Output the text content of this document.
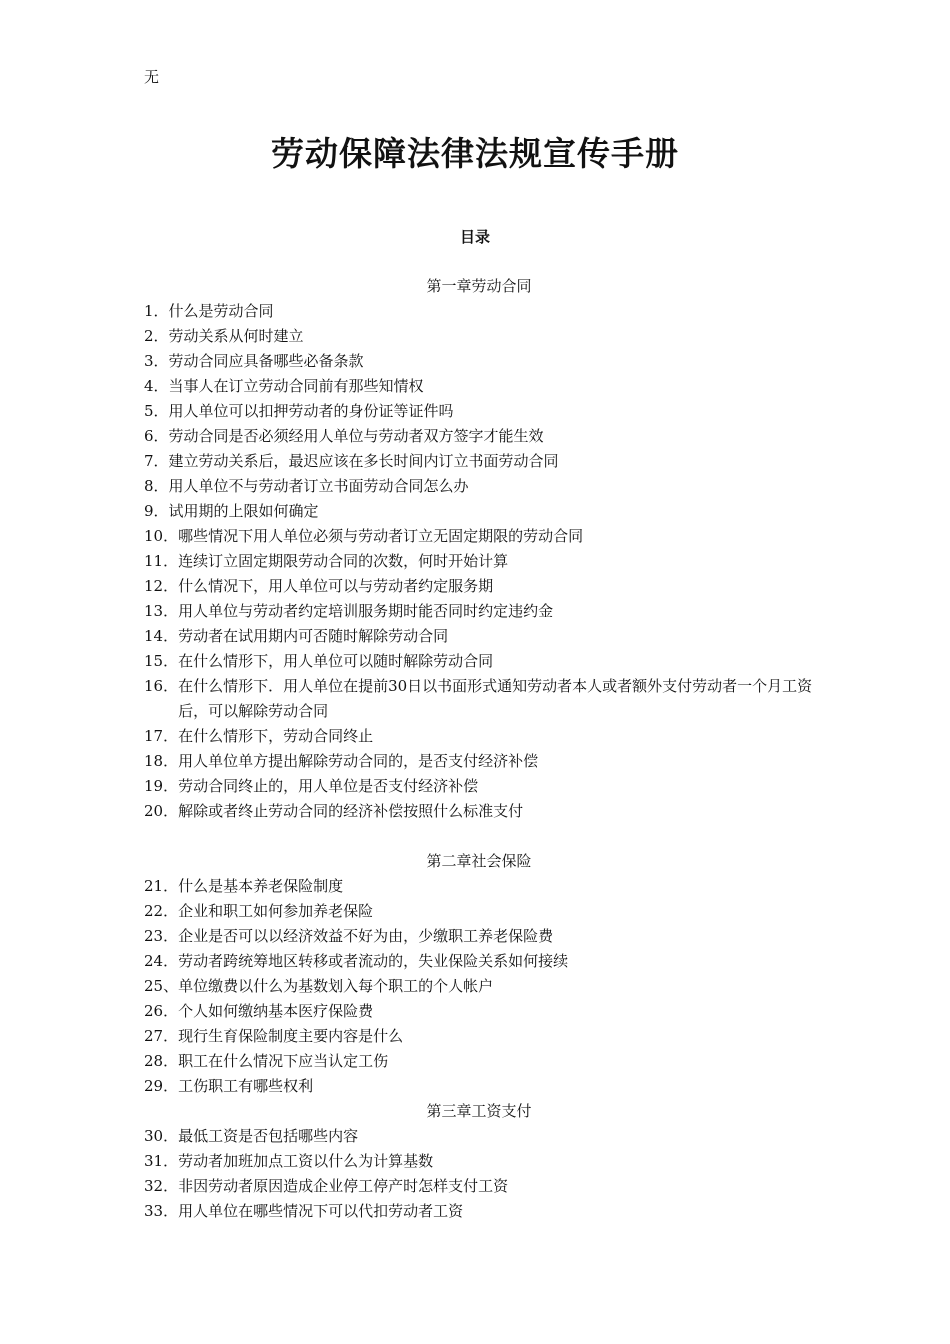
无
劳动保障法律法规宣传手册
目录
第一章劳动合同
1． 什么是劳动合同
2． 劳动关系从何时建立
3． 劳动合同应具备哪些必备条款
4． 当事人在订立劳动合同前有那些知情权
5． 用人单位可以扣押劳动者的身份证等证件吗
6． 劳动合同是否必须经用人单位与劳动者双方签字才能生效
7． 建立劳动关系后，最迟应该在多长时间内订立书面劳动合同
8． 用人单位不与劳动者订立书面劳动合同怎么办
9． 试用期的上限如何确定
10． 哪些情况下用人单位必须与劳动者订立无固定期限的劳动合同
11． 连续订立固定期限劳动合同的次数，何时开始计算
12． 什么情况下，用人单位可以与劳动者约定服务期
13． 用人单位与劳动者约定培训服务期时能否同时约定违约金
14． 劳动者在试用期内可否随时解除劳动合同
15． 在什么情形下，用人单位可以随时解除劳动合同
16． 在什么情形下．用人单位在提前30日以书面形式通知劳动者本人或者额外支付劳动者一个月工资后，可以解除劳动合同
17． 在什么情形下，劳动合同终止
18． 用人单位单方提出解除劳动合同的，是否支付经济补偿
19． 劳动合同终止的，用人单位是否支付经济补偿
20． 解除或者终止劳动合同的经济补偿按照什么标准支付
第二章社会保险
21． 什么是基本养老保险制度
22． 企业和职工如何参加养老保险
23． 企业是否可以以经济效益不好为由，少缴职工养老保险费
24． 劳动者跨统筹地区转移或者流动的，失业保险关系如何接续
25、 单位缴费以什么为基数划入每个职工的个人帐户
26． 个人如何缴纳基本医疗保险费
27． 现行生育保险制度主要内容是什么
28． 职工在什么情况下应当认定工伤
29． 工伤职工有哪些权利
第三章工资支付
30． 最低工资是否包括哪些内容
31． 劳动者加班加点工资以什么为计算基数
32． 非因劳动者原因造成企业停工停产时怎样支付工资
33． 用人单位在哪些情况下可以代扣劳动者工资
